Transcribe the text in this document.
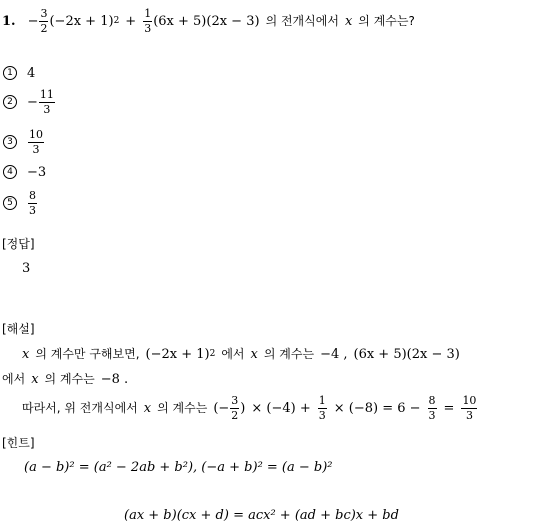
1. − $\frac{3}{2} (-2x + 1) 2 + \frac{1}{3} (6x + 5)(2x - 3)$ 의 전개식에서 x 의 계수는?
1	4
2	− $\frac{11}{3}$
3	$\frac{10}{3}$
4	−3
5	$\frac{8}{3}$
[정답]
3
[해설]
x 의 계수만 구해보면, (−2x + 1) 2 에서 x 의 계수는 −4 , (6x + 5)(2x − 3)
에서 x 의 계수는 −8 .
따라서, 위 전개식에서 x 의 계수는 ( − $\frac{3}{2}$ ) × $(-4) + \frac{1}{3} \times (-8) = 6 - \frac{8}{3} = \frac{10}{3}$
[힌트]
(a − b)² = (a² − 2ab + b²), (−a + b)² = (a − b)²
(ax + b)(cx + d) = acx² + (ad + bc)x + bd
